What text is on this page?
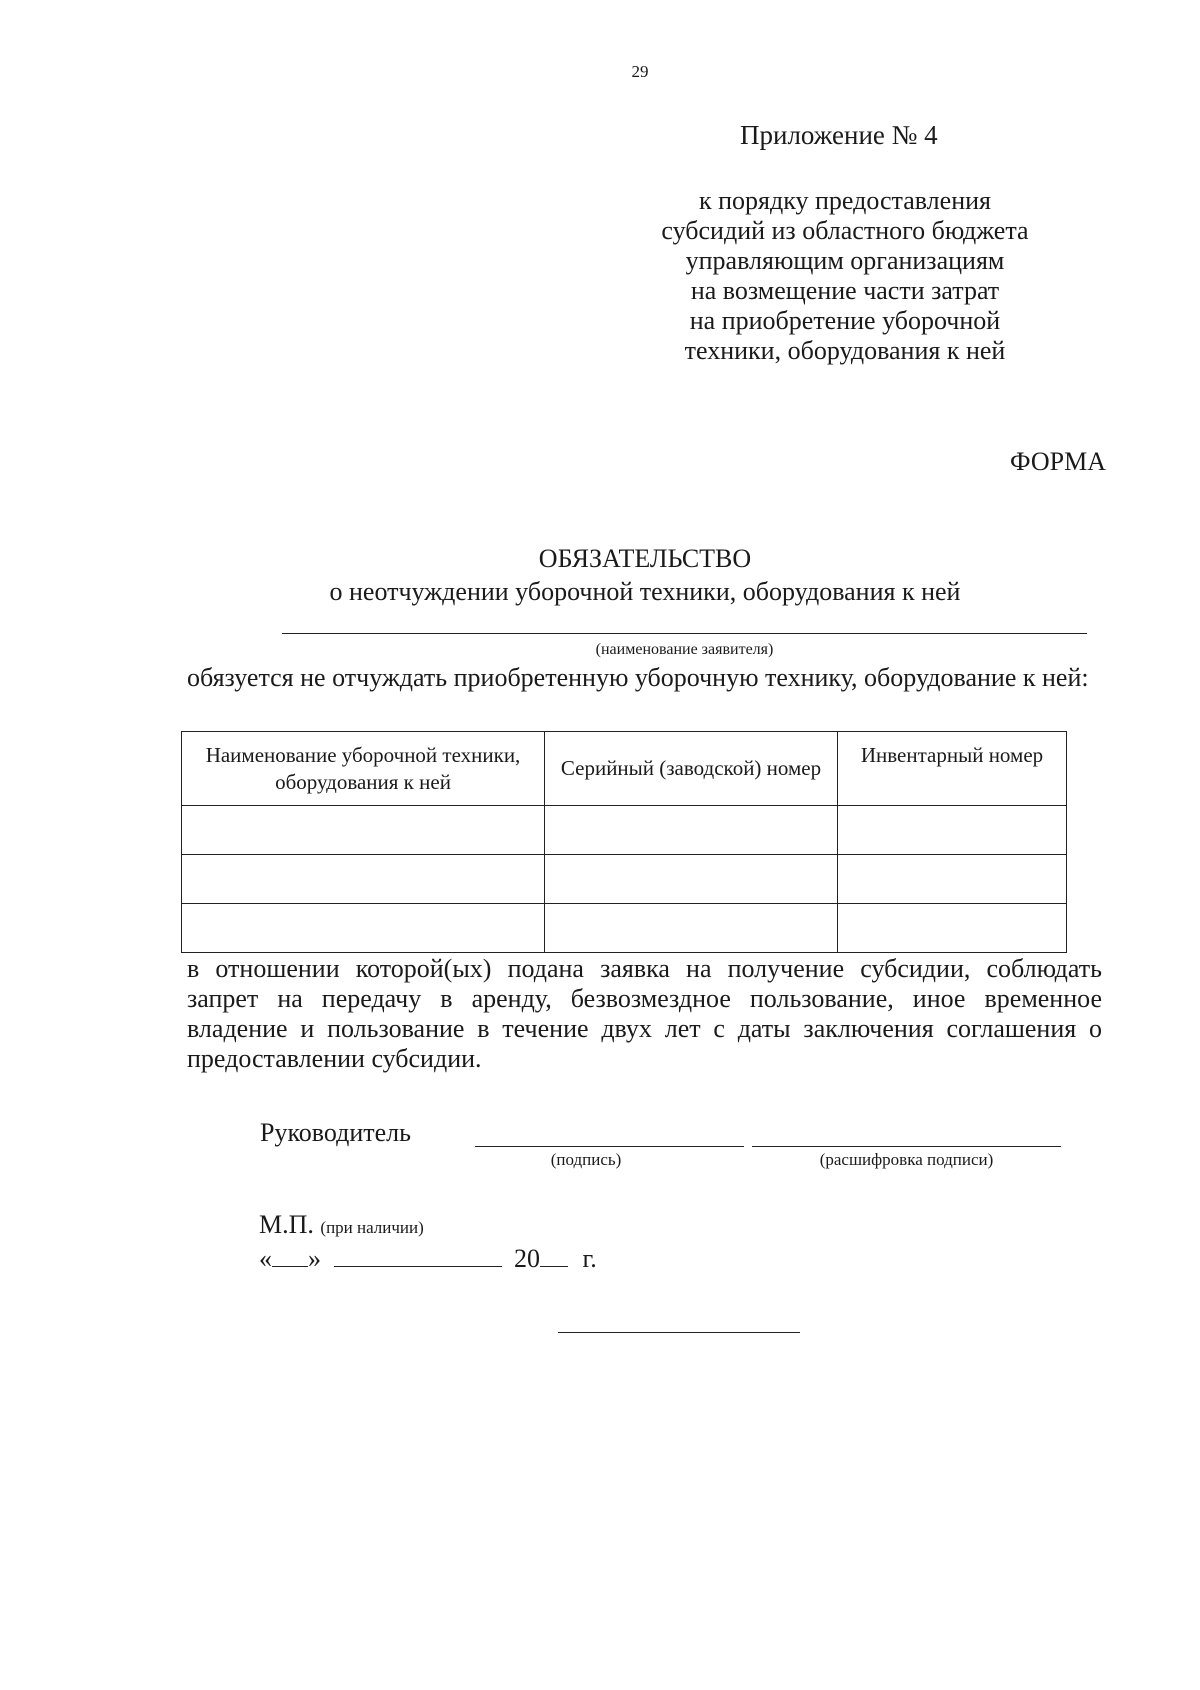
29
Приложение № 4
к порядку предоставления
субсидий из областного бюджета
управляющим организациям
на возмещение части затрат
на приобретение уборочной
техники, оборудования к ней
ФОРМА
ОБЯЗАТЕЛЬСТВО
о неотчуждении уборочной техники, оборудования к ней
(наименование заявителя)
обязуется не отчуждать приобретенную уборочную технику, оборудование к ней:
Наименование уборочной техники, оборудования к ней	Серийный (заводской) номер	Инвентарный номер

в отношении которой(ых) подана заявка на получение субсидии, соблюдать запрет на передачу в аренду, безвозмездное пользование, иное временное владение и пользование в течение двух лет с даты заключения соглашения о предоставлении субсидии.
Руководитель
(подпись)	(расшифровка подписи)
М.П. (при наличии)
« »	20 г.
